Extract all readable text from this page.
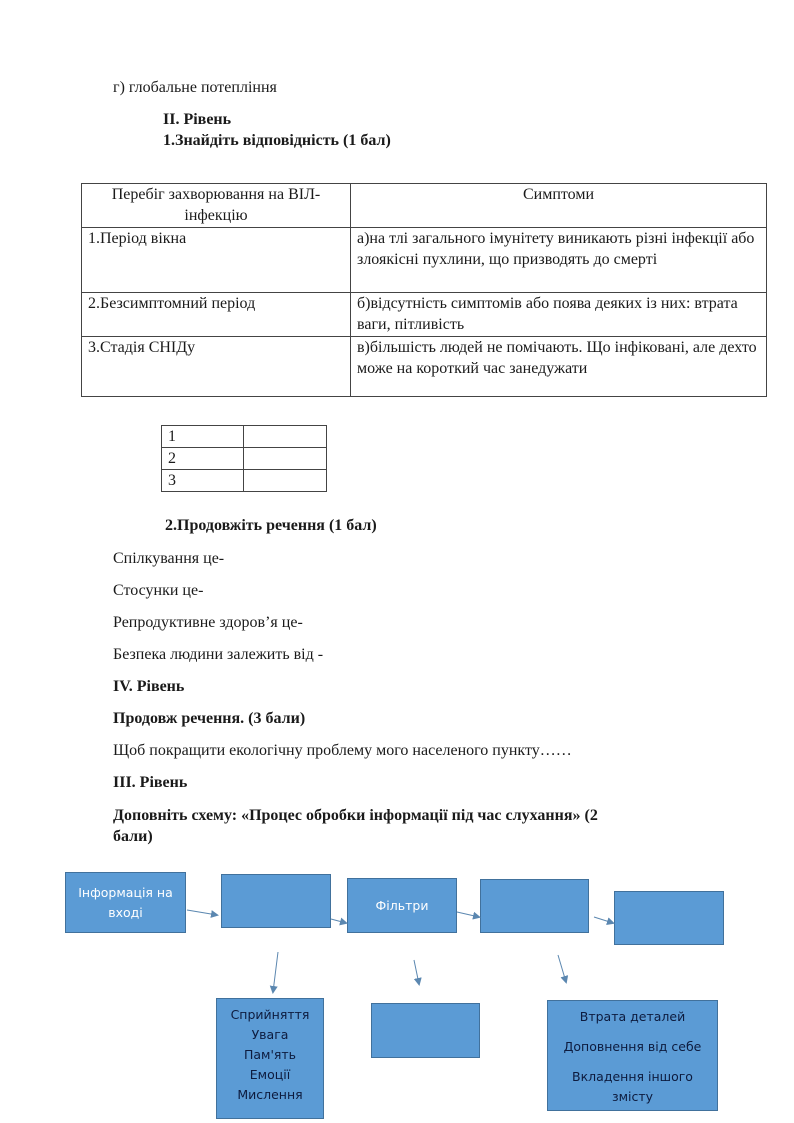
г) глобальне потепління
ІІ. Рівень
1.Знайдіть відповідність (1 бал)
Перебіг захворювання на ВІЛ-
інфекцію	Симптоми
1.Період вікна	а)на тлі загального імунітету виникають різні інфекції або злоякісні пухлини, що призводять до смерті
2.Безсимптомний період	б)відсутність симптомів або поява деяких із них: втрата ваги, пітливість
3.Стадія СНІДу	в)більшість людей не помічають. Що інфіковані, але дехто може на короткий час занедужати
1	
2	
3	
2.Продовжіть речення (1 бал)
Спілкування це-
Стосунки це-
Репродуктивне здоров’я це-
Безпека людини залежить від -
IV. Рівень
Продовж речення. (3 бали)
Щоб покращити екологічну проблему мого населеного пункту……
ІІІ. Рівень
Доповніть схему: «Процес обробки інформації під час слухання» (2
бали)
Інформація на
вході	Фільтри
Сприйняття
Увага
Пам'ять
Емоції
Мислення
Втрата деталей
Доповнення від себе
Вкладення іншого
змісту
